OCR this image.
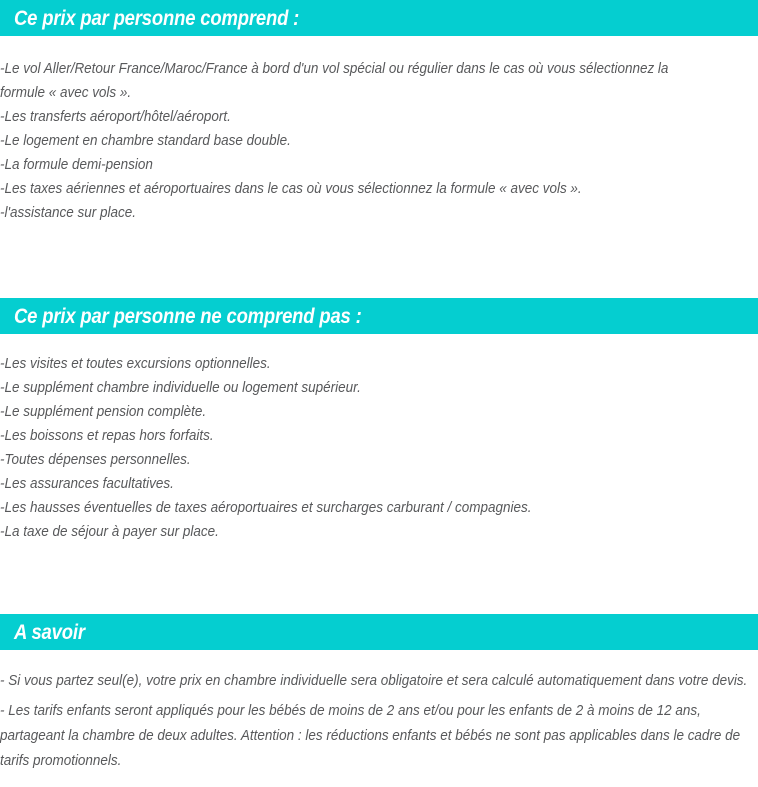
Ce prix par personne comprend :
-Le vol Aller/Retour France/Maroc/France à bord d'un vol spécial ou régulier dans le cas où vous sélectionnez la
formule « avec vols ».
-Les transferts aéroport/hôtel/aéroport.
-Le logement en chambre standard base double.
-La formule demi-pension
-Les taxes aériennes et aéroportuaires dans le cas où vous sélectionnez la formule « avec vols ».
-l'assistance sur place.
Ce prix par personne ne comprend pas :
-Les visites et toutes excursions optionnelles.
-Le supplément chambre individuelle ou logement supérieur.
-Le supplément pension complète.
-Les boissons et repas hors forfaits.
-Toutes dépenses personnelles.
-Les assurances facultatives.
-Les hausses éventuelles de taxes aéroportuaires et surcharges carburant / compagnies.
-La taxe de séjour à payer sur place.
A savoir
- Si vous partez seul(e), votre prix en chambre individuelle sera obligatoire et sera calculé automatiquement dans votre devis.
- Les tarifs enfants seront appliqués pour les bébés de moins de 2 ans et/ou pour les enfants de 2 à moins de 12 ans, partageant la chambre de deux adultes. Attention : les réductions enfants et bébés ne sont pas applicables dans le cadre de tarifs promotionnels.
